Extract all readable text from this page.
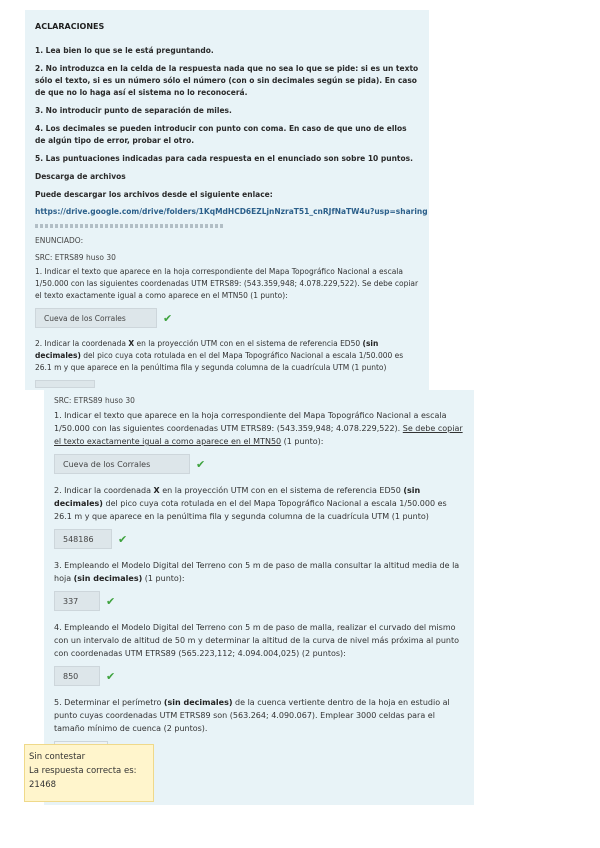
ACLARACIONES
1. Lea bien lo que se le está preguntando.
2. No introduzca en la celda de la respuesta nada que no sea lo que se pide: si es un texto sólo el texto, si es un número sólo el número (con o sin decimales según se pida). En caso de que no lo haga así el sistema no lo reconocerá.
3. No introducir punto de separación de miles.
4. Los decimales se pueden introducir con punto con coma. En caso de que uno de ellos de algún tipo de error, probar el otro.
5. Las puntuaciones indicadas para cada respuesta en el enunciado son sobre 10 puntos.
Descarga de archivos
Puede descargar los archivos desde el siguiente enlace:
https://drive.google.com/drive/folders/1KqMdHCD6EZLjnNzraT51_cnRJfNaTW4u?usp=sharing
ENUNCIADO:
SRC: ETRS89 huso 30
1. Indicar el texto que aparece en la hoja correspondiente del Mapa Topográfico Nacional a escala 1/50.000 con las siguientes coordenadas UTM ETRS89: (543.359,948; 4.078.229,522). Se debe copiar el texto exactamente igual a como aparece en el MTN50 (1 punto):
Cueva de los Corrales	✔
2. Indicar la coordenada X en la proyección UTM con en el sistema de referencia ED50 (sin decimales) del pico cuya cota rotulada en el del Mapa Topográfico Nacional a escala 1/50.000 es 26.1 m y que aparece en la penúltima fila y segunda columna de la cuadrícula UTM (1 punto)
SRC: ETRS89 huso 30
1. Indicar el texto que aparece en la hoja correspondiente del Mapa Topográfico Nacional a escala 1/50.000 con las siguientes coordenadas UTM ETRS89: (543.359,948; 4.078.229,522). Se debe copiar el texto exactamente igual a como aparece en el MTN50 (1 punto):
Cueva de los Corrales	✔
2. Indicar la coordenada X en la proyección UTM con en el sistema de referencia ED50 (sin decimales) del pico cuya cota rotulada en el del Mapa Topográfico Nacional a escala 1/50.000 es 26.1 m y que aparece en la penúltima fila y segunda columna de la cuadrícula UTM (1 punto)
548186	✔
3. Empleando el Modelo Digital del Terreno con 5 m de paso de malla consultar la altitud media de la hoja (sin decimales) (1 punto):
337	✔
4. Empleando el Modelo Digital del Terreno con 5 m de paso de malla, realizar el curvado del mismo con un intervalo de altitud de 50 m y determinar la altitud de la curva de nivel más próxima al punto con coordenadas UTM ETRS89 (565.223,112; 4.094.004,025) (2 puntos):
850	✔
5. Determinar el perímetro (sin decimales) de la cuenca vertiente dentro de la hoja en estudio al punto cuyas coordenadas UTM ETRS89 son (563.264; 4.090.067). Emplear 3000 celdas para el tamaño mínimo de cuenca (2 puntos).
Sin contestar
La respuesta correcta es: 21468
